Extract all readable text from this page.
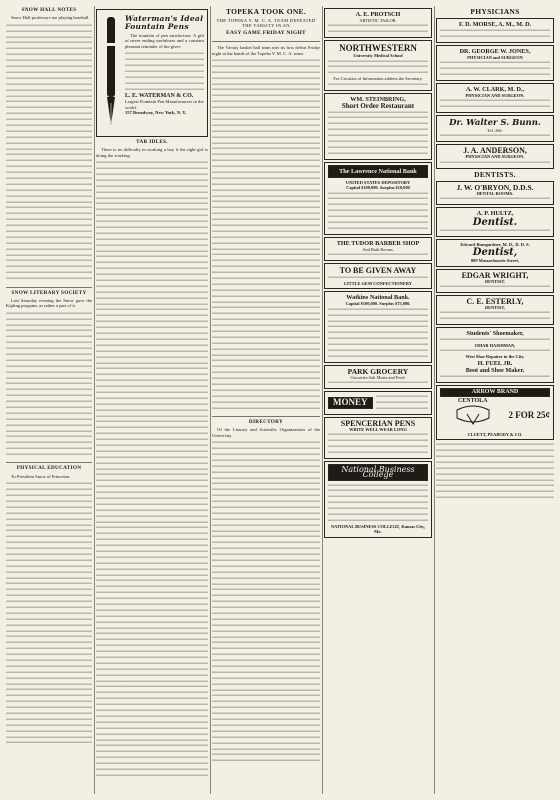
SNOW HALL NOTES
Snow Hall professors are playing baseball.
SNOW LITERARY SOCIETY
Last Saturday evening the Snow gave the Kipling program, as rather a part of it.
PHYSICAL EDUCATION
To President Snow of Princeton.
Waterman's Ideal Fountain Pens
The fountain of pen satisfaction. A gift of never ending usefulness and a constant pleasant reminder of the giver.
L. E. WATERMAN & CO.
Largest Fountain Pen Manufacturers in the world.
157 Broadway, New York, N. Y.
TAR IDLES.
There is no difficulty in working a boy if the right girl is doing the working.
TOPEKA TOOK ONE.
THE TOPEKA Y. M. C. A. TEAM DEFEATED THE VARSITY IN AN
EASY GAME FRIDAY NIGHT
The Varsity basket ball team met its first defeat Friday night at the hands of the Topeka Y. M. C. A. team.
DIRECTORY
Of the Literary and Scientific Organizations of the University.
A. E. PROTSCH
ARTISTIC TAILOR.
NORTHWESTERN
University Medical School
For Circulars of Information address the Secretary.
WM. STEINBRING,
Short Order Restaurant
The Lawrence National Bank
UNITED STATES DEPOSITORY
Capital $100,000. Surplus $10,000
THE TUDOR BARBER SHOP
And Bath Rooms.
TO BE GIVEN AWAY
LITTLE GEM CONFECTIONERY
Watkins National Bank.
Capital $100,000. Surplus $75,000.
PARK GROCERY
Groceries Salt Meats and Feed.
MONEY
SPENCERIAN PENS
WRITE WELL WEAR LONG
National Business College
NATIONAL BUSINESS COLLEGE, Kansas City, Mo.
PHYSICIANS
F. D. MORSE, A. M., M. D.
DR. GEORGE W. JONES,
PHYSICIAN and SURGEON
A. W. CLARK, M. D.,
PHYSICIAN AND SURGEON.
Dr. Walter S. Bunn.
Tel. 266.
J. A. ANDERSON,
PHYSICIAN AND SURGEON.
DENTISTS.
J. W. O'BRYON, D.D.S.
DENTAL ROOMS.
A. P. HULTZ,
Dentist.
Edward Bumgardner, M. D., D. D. S.
Dentist,
809 Massachusetts Street,
EDGAR WRIGHT,
DENTIST.
C. E. ESTERLY,
DENTIST,
Students' Shoemaker,
OMAR HAISHMAN,
West Shoe Repairer in the City.
H. FUEL JR.
Boot and Shoe Maker.
ARROW BRAND
CENTOLA
2 FOR 25¢
CLUETT, PEABODY & CO.
